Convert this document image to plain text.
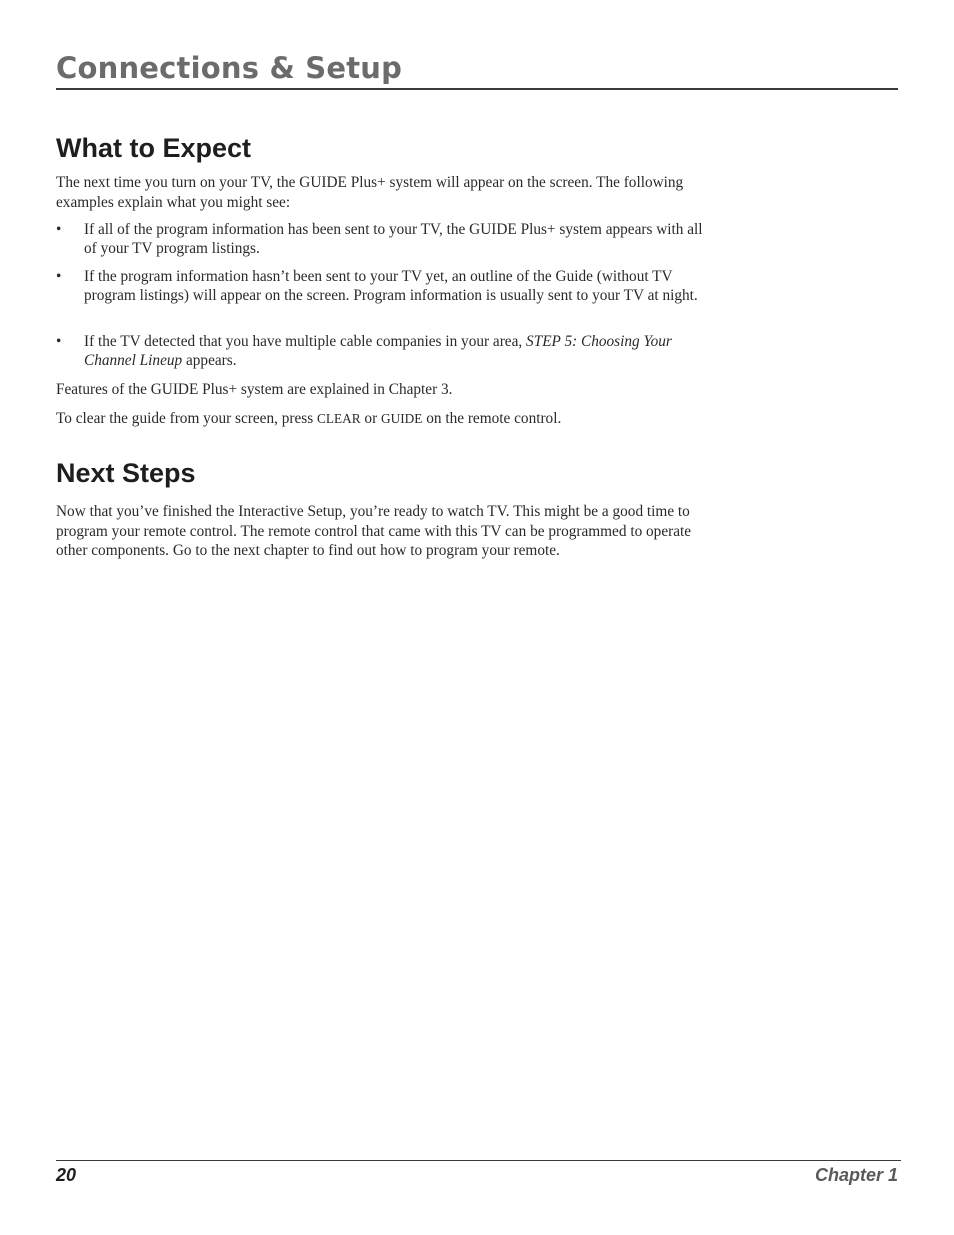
Connections & Setup
What to Expect

The next time you turn on your TV, the GUIDE Plus+ system will appear on the screen. The following examples explain what you might see:

• If all of the program information has been sent to your TV, the GUIDE Plus+ system appears with all of your TV program listings.
• If the program information hasn’t been sent to your TV yet, an outline of the Guide (without TV program listings) will appear on the screen. Program information is usually sent to your TV at night.
• If the TV detected that you have multiple cable companies in your area, STEP 5: Choosing Your Channel Lineup appears.

Features of the GUIDE Plus+ system are explained in Chapter 3.

To clear the guide from your screen, press CLEAR or GUIDE on the remote control.

Next Steps

Now that you’ve finished the Interactive Setup, you’re ready to watch TV. This might be a good time to program your remote control. The remote control that came with this TV can be programmed to operate other components. Go to the next chapter to find out how to program your remote.

20	Chapter 1
